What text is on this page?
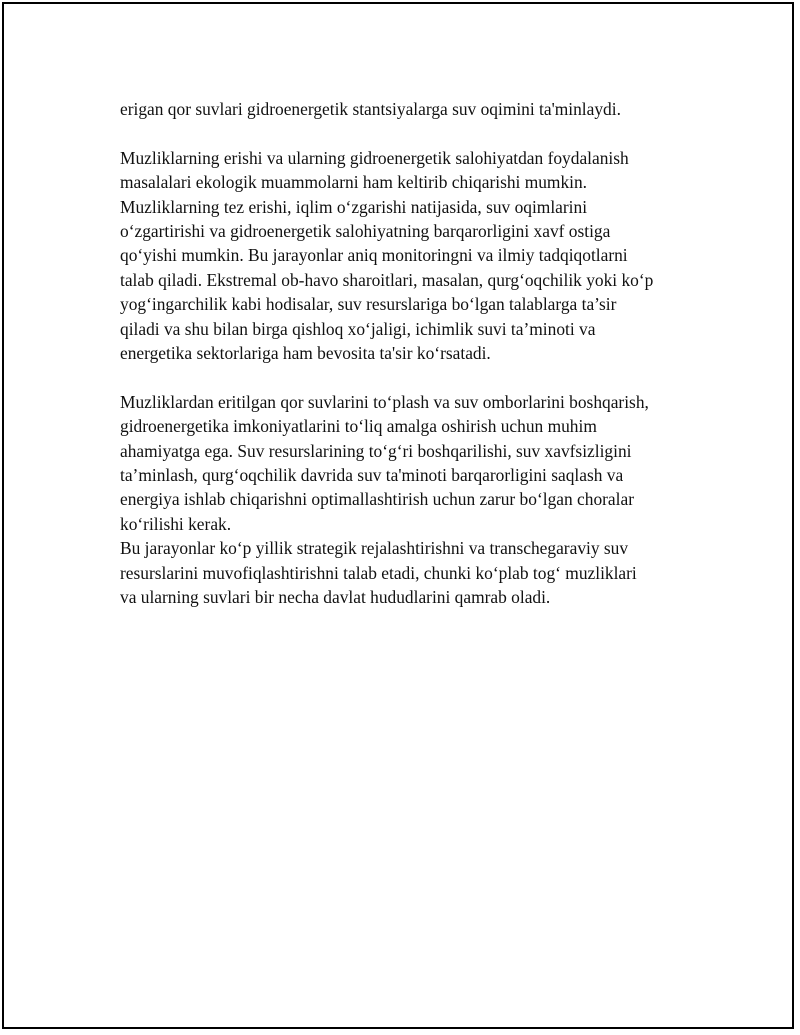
erigan qor suvlari gidroenergetik stantsiyalarga suv oqimini ta'minlaydi.

Muzliklarning erishi va ularning gidroenergetik salohiyatdan foydalanish
masalalari ekologik muammolarni ham keltirib chiqarishi mumkin.
Muzliklarning tez erishi, iqlim o‘zgarishi natijasida, suv oqimlarini
o‘zgartirishi va gidroenergetik salohiyatning barqarorligini xavf ostiga
qo‘yishi mumkin. Bu jarayonlar aniq monitoringni va ilmiy tadqiqotlarni
talab qiladi. Ekstremal ob-havo sharoitlari, masalan, qurg‘oqchilik yoki ko‘p
yog‘ingarchilik kabi hodisalar, suv resurslariga bo‘lgan talablarga ta’sir
qiladi va shu bilan birga qishloq xo‘jaligi, ichimlik suvi ta’minoti va
energetika sektorlariga ham bevosita ta'sir ko‘rsatadi.

Muzliklardan eritilgan qor suvlarini to‘plash va suv omborlarini boshqarish,
gidroenergetika imkoniyatlarini to‘liq amalga oshirish uchun muhim
ahamiyatga ega. Suv resurslarining to‘g‘ri boshqarilishi, suv xavfsizligini
ta’minlash, qurg‘oqchilik davrida suv ta'minoti barqarorligini saqlash va
energiya ishlab chiqarishni optimallashtirish uchun zarur bo‘lgan choralar
ko‘rilishi kerak.

Bu jarayonlar ko‘p yillik strategik rejalashtirishni va transchegaraviy suv
resurslarini muvofiqlashtirishni talab etadi, chunki ko‘plab tog‘ muzliklari
va ularning suvlari bir necha davlat hududlarini qamrab oladi.
